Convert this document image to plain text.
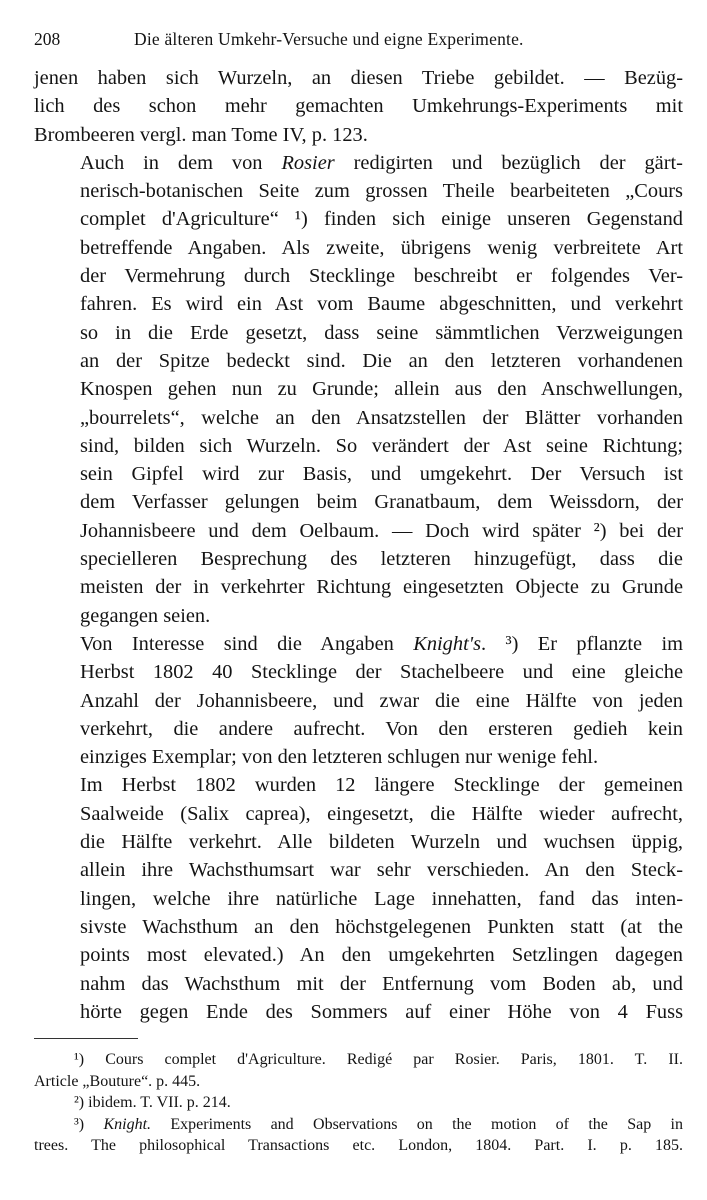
208	Die älteren Umkehr-Versuche und eigne Experimente.

jenen haben sich Wurzeln, an diesen Triebe gebildet. — Bezüg-
lich des schon mehr gemachten Umkehrungs-Experiments mit
Brombeeren vergl. man Tome IV, p. 123.

Auch in dem von Rosier redigirten und bezüglich der gärt-
nerisch-botanischen Seite zum grossen Theile bearbeiteten „Cours
complet d'Agriculture“ ¹) finden sich einige unseren Gegenstand
betreffende Angaben. Als zweite, übrigens wenig verbreitete Art
der Vermehrung durch Stecklinge beschreibt er folgendes Ver-
fahren. Es wird ein Ast vom Baume abgeschnitten, und verkehrt
so in die Erde gesetzt, dass seine sämmtlichen Verzweigungen
an der Spitze bedeckt sind. Die an den letzteren vorhandenen
Knospen gehen nun zu Grunde; allein aus den Anschwellungen,
„bourrelets“, welche an den Ansatzstellen der Blätter vorhanden
sind, bilden sich Wurzeln. So verändert der Ast seine Richtung;
sein Gipfel wird zur Basis, und umgekehrt. Der Versuch ist
dem Verfasser gelungen beim Granatbaum, dem Weissdorn, der
Johannisbeere und dem Oelbaum. — Doch wird später ²) bei der
specielleren Besprechung des letzteren hinzugefügt, dass die
meisten der in verkehrter Richtung eingesetzten Objecte zu Grunde
gegangen seien.

Von Interesse sind die Angaben Knight's. ³) Er pflanzte im
Herbst 1802 40 Stecklinge der Stachelbeere und eine gleiche
Anzahl der Johannisbeere, und zwar die eine Hälfte von jeden
verkehrt, die andere aufrecht. Von den ersteren gedieh kein
einziges Exemplar; von den letzteren schlugen nur wenige fehl.

Im Herbst 1802 wurden 12 längere Stecklinge der gemeinen
Saalweide (Salix caprea), eingesetzt, die Hälfte wieder aufrecht,
die Hälfte verkehrt. Alle bildeten Wurzeln und wuchsen üppig,
allein ihre Wachsthumsart war sehr verschieden. An den Steck-
lingen, welche ihre natürliche Lage innehatten, fand das inten-
sivste Wachsthum an den höchstgelegenen Punkten statt (at the
points most elevated.) An den umgekehrten Setzlingen dagegen
nahm das Wachsthum mit der Entfernung vom Boden ab, und
hörte gegen Ende des Sommers auf einer Höhe von 4 Fuss

¹) Cours complet d'Agriculture. Redigé par Rosier. Paris, 1801. T. II.
Article „Bouture“. p. 445.
²) ibidem. T. VII. p. 214.
³) Knight. Experiments and Observations on the motion of the Sap in
trees. The philosophical Transactions etc. London, 1804. Part. I. p. 185.
